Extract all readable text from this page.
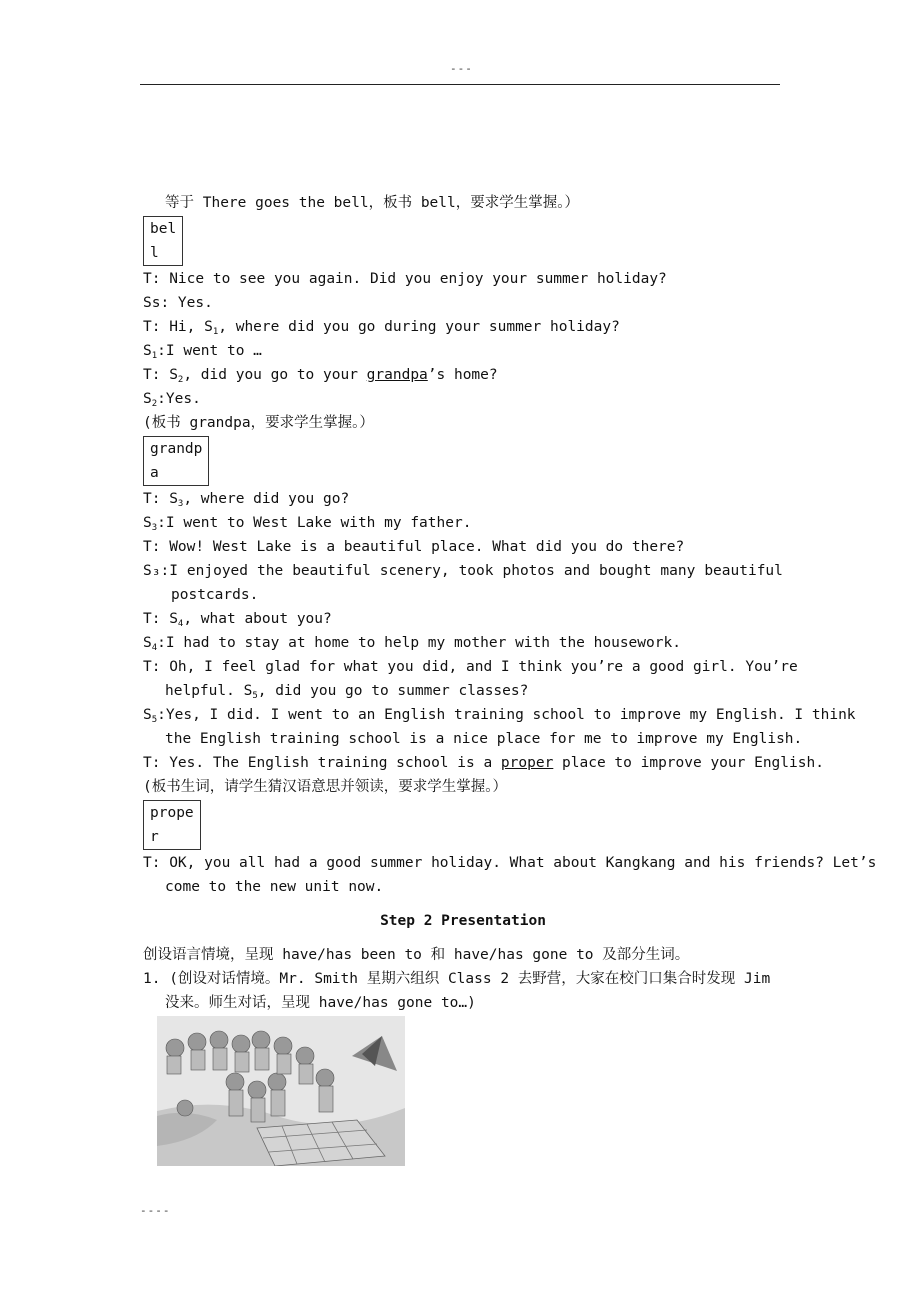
---
等于 There goes the bell，板书 bell，要求学生掌握。）
bel
l
T: Nice to see you again. Did you enjoy your summer holiday?
Ss: Yes.
T: Hi, $S_1$, where did you go during your summer holiday?
$S_1:I$ went to …
T: $S_2$, did you go to your grandpa’s home?
$S_2:Yes$.
(板书 grandpa，要求学生掌握。）
grandp
a
T: $S_3$, where did you go?
$S_3:I$ went to West Lake with my father.
T: Wow! West Lake is a beautiful place. What did you do there?
S₃:I enjoyed the beautiful scenery, took photos and bought many beautiful
postcards.
T: $S_4$, what about you?
$S_4:I$ had to stay at home to help my mother with the housework.
T: Oh, I feel glad for what you did, and I think you’re a good girl. You’re
helpful. $S_5$, did you go to summer classes?
$S_5:Yes$, I did. I went to an English training school to improve my English. I think
the English training school is a nice place for me to improve my English.
T: Yes. The English training school is a proper place to improve your English.
(板书生词，请学生猜汉语意思并领读，要求学生掌握。）
prope
r
T: OK, you all had a good summer holiday. What about Kangkang and his friends? Let’s
come to the new unit now.
Step 2 Presentation
创设语言情境，呈现 have/has been to 和 have/has gone to 及部分生词。
1. (创设对话情境。Mr. Smith 星期六组织 Class 2 去野营，大家在校门口集合时发现 Jim
没来。师生对话，呈现 have/has gone to…)
----
